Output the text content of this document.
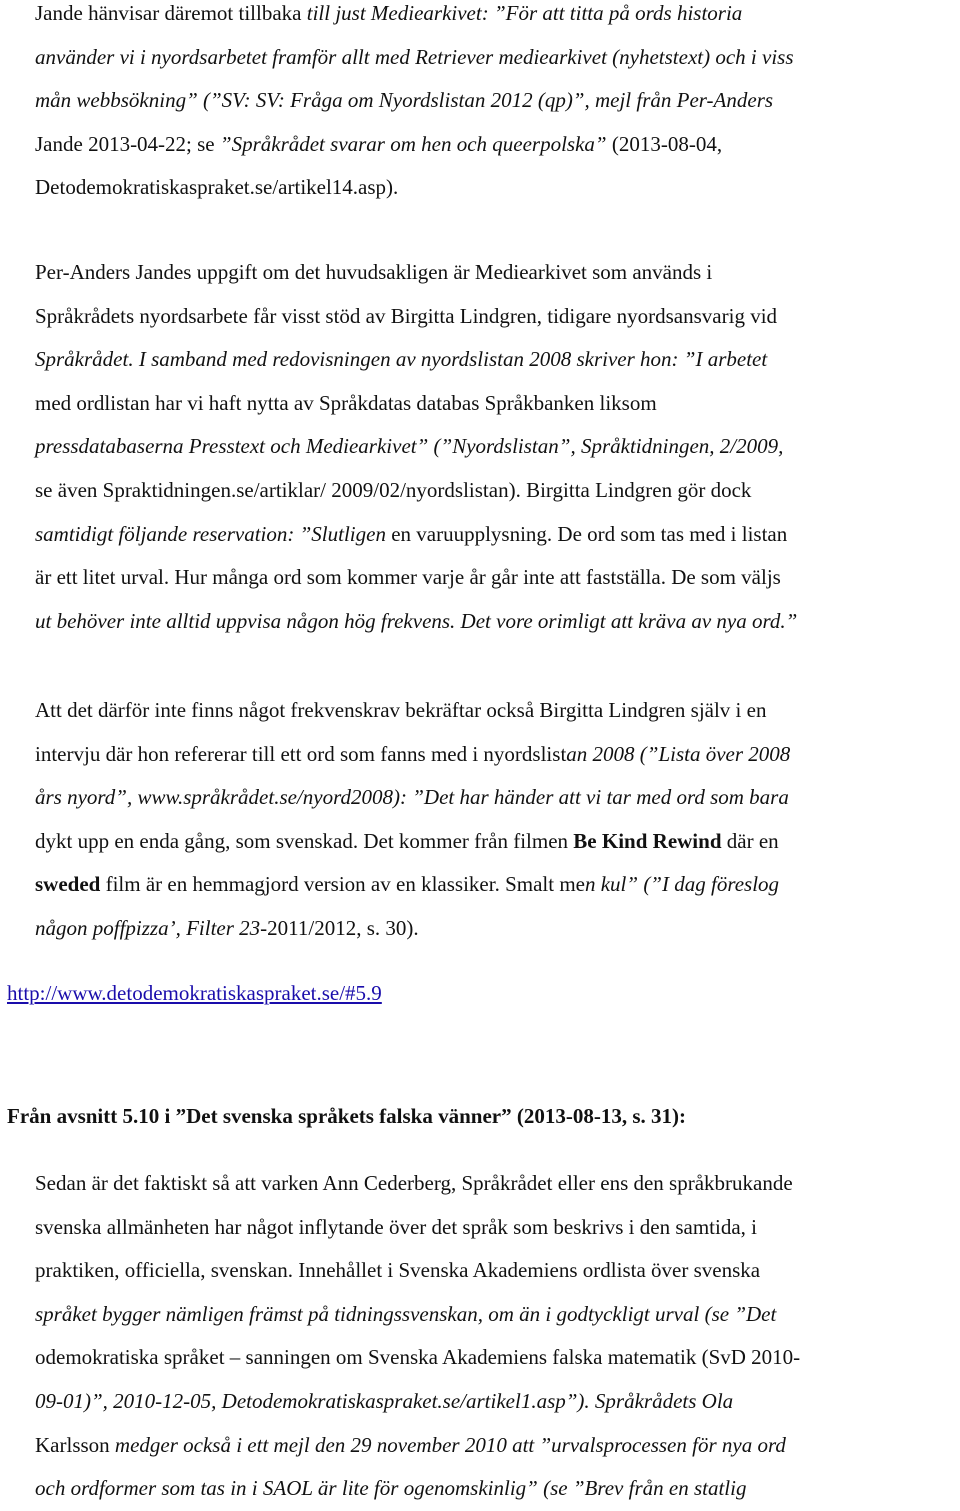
Jande hänvisar däremot tillbaka till just Mediearkivet: ”För att titta på ords historia
använder vi i nyordsarbetet framför allt med Retriever mediearkivet (nyhetstext) och i viss
mån webbsökning” (”SV: SV: Fråga om Nyordslistan 2012 (qp)”, mejl från Per-Anders
Jande 2013-04-22; se ”Språkrådet svarar om hen och queerpolska” (2013-08-04,
Detodemokratiskaspraket.se/artikel14.asp).
Per-Anders Jandes uppgift om det huvudsakligen är Mediearkivet som används i
Språkrådets nyordsarbete får visst stöd av Birgitta Lindgren, tidigare nyordsansvarig vid
Språkrådet. I samband med redovisningen av nyordslistan 2008 skriver hon: ”I arbetet
med ordlistan har vi haft nytta av Språkdatas databas Språkbanken liksom
pressdatabaserna Presstext och Mediearkivet” (”Nyordslistan”, Språktidningen, 2/2009,
se även Spraktidningen.se/artiklar/ 2009/02/nyordslistan). Birgitta Lindgren gör dock
samtidigt följande reservation: ”Slutligen en varuupplysning. De ord som tas med i listan
är ett litet urval. Hur många ord som kommer varje år går inte att fastställa. De som väljs
ut behöver inte alltid uppvisa någon hög frekvens. Det vore orimligt att kräva av nya ord.”
Att det därför inte finns något frekvenskrav bekräftar också Birgitta Lindgren själv i en
intervju där hon refererar till ett ord som fanns med i nyordslistan 2008 (”Lista över 2008
års nyord”, www.språkrådet.se/nyord2008): ”Det har händer att vi tar med ord som bara
dykt upp en enda gång, som svenskad. Det kommer från filmen Be Kind Rewind där en
sweded film är en hemmagjord version av en klassiker. Smalt men kul” (”I dag föreslog
någon poffpizza’, Filter 23-2011/2012, s. 30).
http://www.detodemokratiskaspraket.se/#5.9
Från avsnitt 5.10 i ”Det svenska språkets falska vänner” (2013-08-13, s. 31):
Sedan är det faktiskt så att varken Ann Cederberg, Språkrådet eller ens den språkbrukande
svenska allmänheten har något inflytande över det språk som beskrivs i den samtida, i
praktiken, officiella, svenskan. Innehållet i Svenska Akademiens ordlista över svenska
språket bygger nämligen främst på tidningssvenskan, om än i godtyckligt urval (se ”Det
odemokratiska språket – sanningen om Svenska Akademiens falska matematik (SvD 2010-
09-01)”, 2010-12-05, Detodemokratiskaspraket.se/artikel1.asp”). Språkrådets Ola
Karlsson medger också i ett mejl den 29 november 2010 att ”urvalsprocessen för nya ord
och ordformer som tas in i SAOL är lite för ogenomskinlig” (se ”Brev från en statlig
